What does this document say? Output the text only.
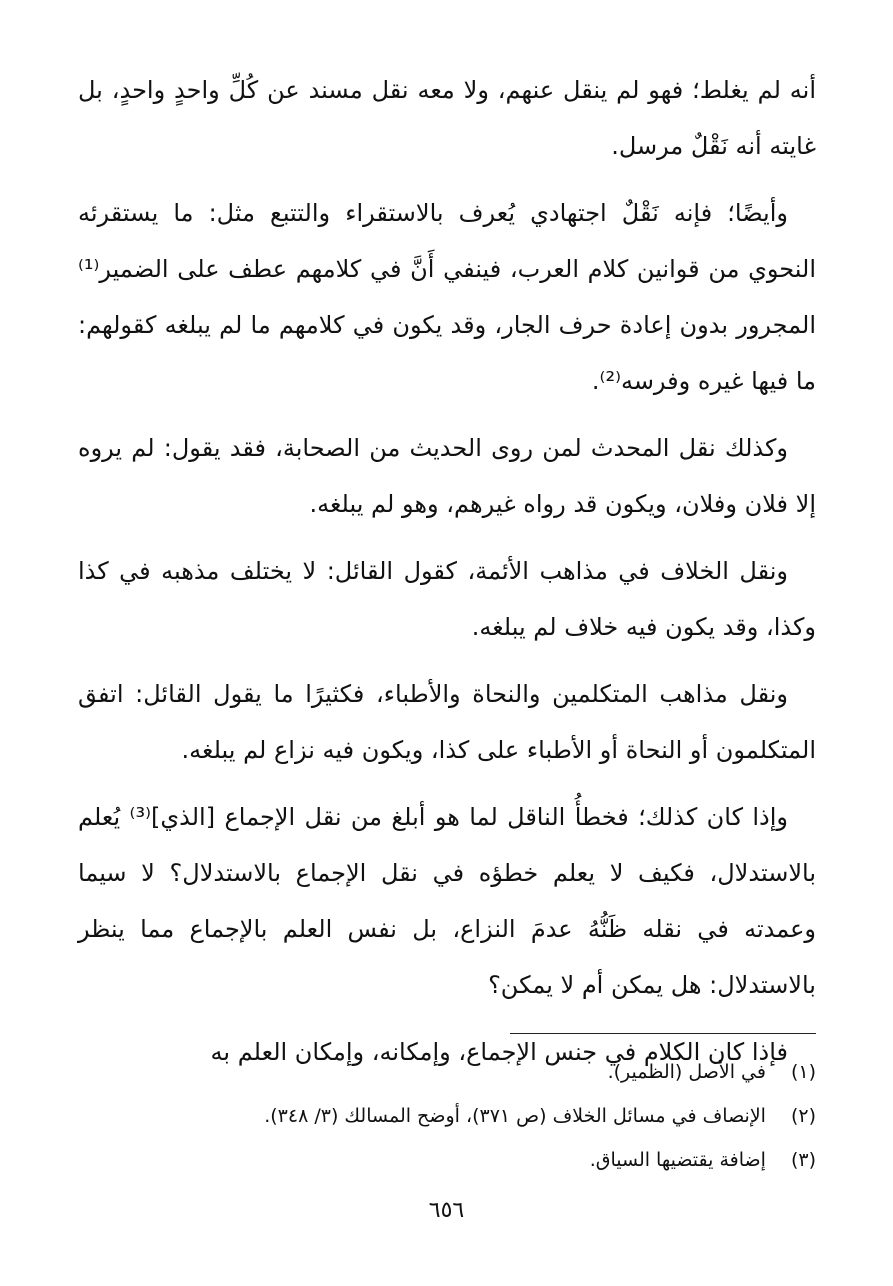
أنه لم يغلط؛ فهو لم ينقل عنهم، ولا معه نقل مسند عن كُلِّ واحدٍ واحدٍ، بل غايته أنه نَقْلٌ مرسل.

وأيضًا؛ فإنه نَقْلٌ اجتهادي يُعرف بالاستقراء والتتبع مثل: ما يستقرئه النحوي من قوانين كلام العرب، فينفي أَنَّ في كلامهم عطف على الضمير⁽¹⁾ المجرور بدون إعادة حرف الجار، وقد يكون في كلامهم ما لم يبلغه كقولهم: ما فيها غيره وفرسه⁽²⁾.

وكذلك نقل المحدث لمن روى الحديث من الصحابة، فقد يقول: لم يروه إلا فلان وفلان، ويكون قد رواه غيرهم، وهو لم يبلغه.

ونقل الخلاف في مذاهب الأئمة، كقول القائل: لا يختلف مذهبه في كذا وكذا، وقد يكون فيه خلاف لم يبلغه.

ونقل مذاهب المتكلمين والنحاة والأطباء، فكثيرًا ما يقول القائل: اتفق المتكلمون أو النحاة أو الأطباء على كذا، ويكون فيه نزاع لم يبلغه.

وإذا كان كذلك؛ فخطأُ الناقل لما هو أبلغ من نقل الإجماع [الذي]⁽³⁾ يُعلم بالاستدلال، فكيف لا يعلم خطؤه في نقل الإجماع بالاستدلال؟ لا سيما وعمدته في نقله ظَنُّهُ عدمَ النزاع، بل نفس العلم بالإجماع مما ينظر بالاستدلال: هل يمكن أم لا يمكن؟

فإذا كان الكلام في جنس الإجماع، وإمكانه، وإمكان العلم به

(١) في الأصل (الظمير).

(٢) الإنصاف في مسائل الخلاف (ص ٣٧١)، أوضح المسالك (٣/ ٣٤٨).

(٣) إضافة يقتضيها السياق.

٦٥٦
